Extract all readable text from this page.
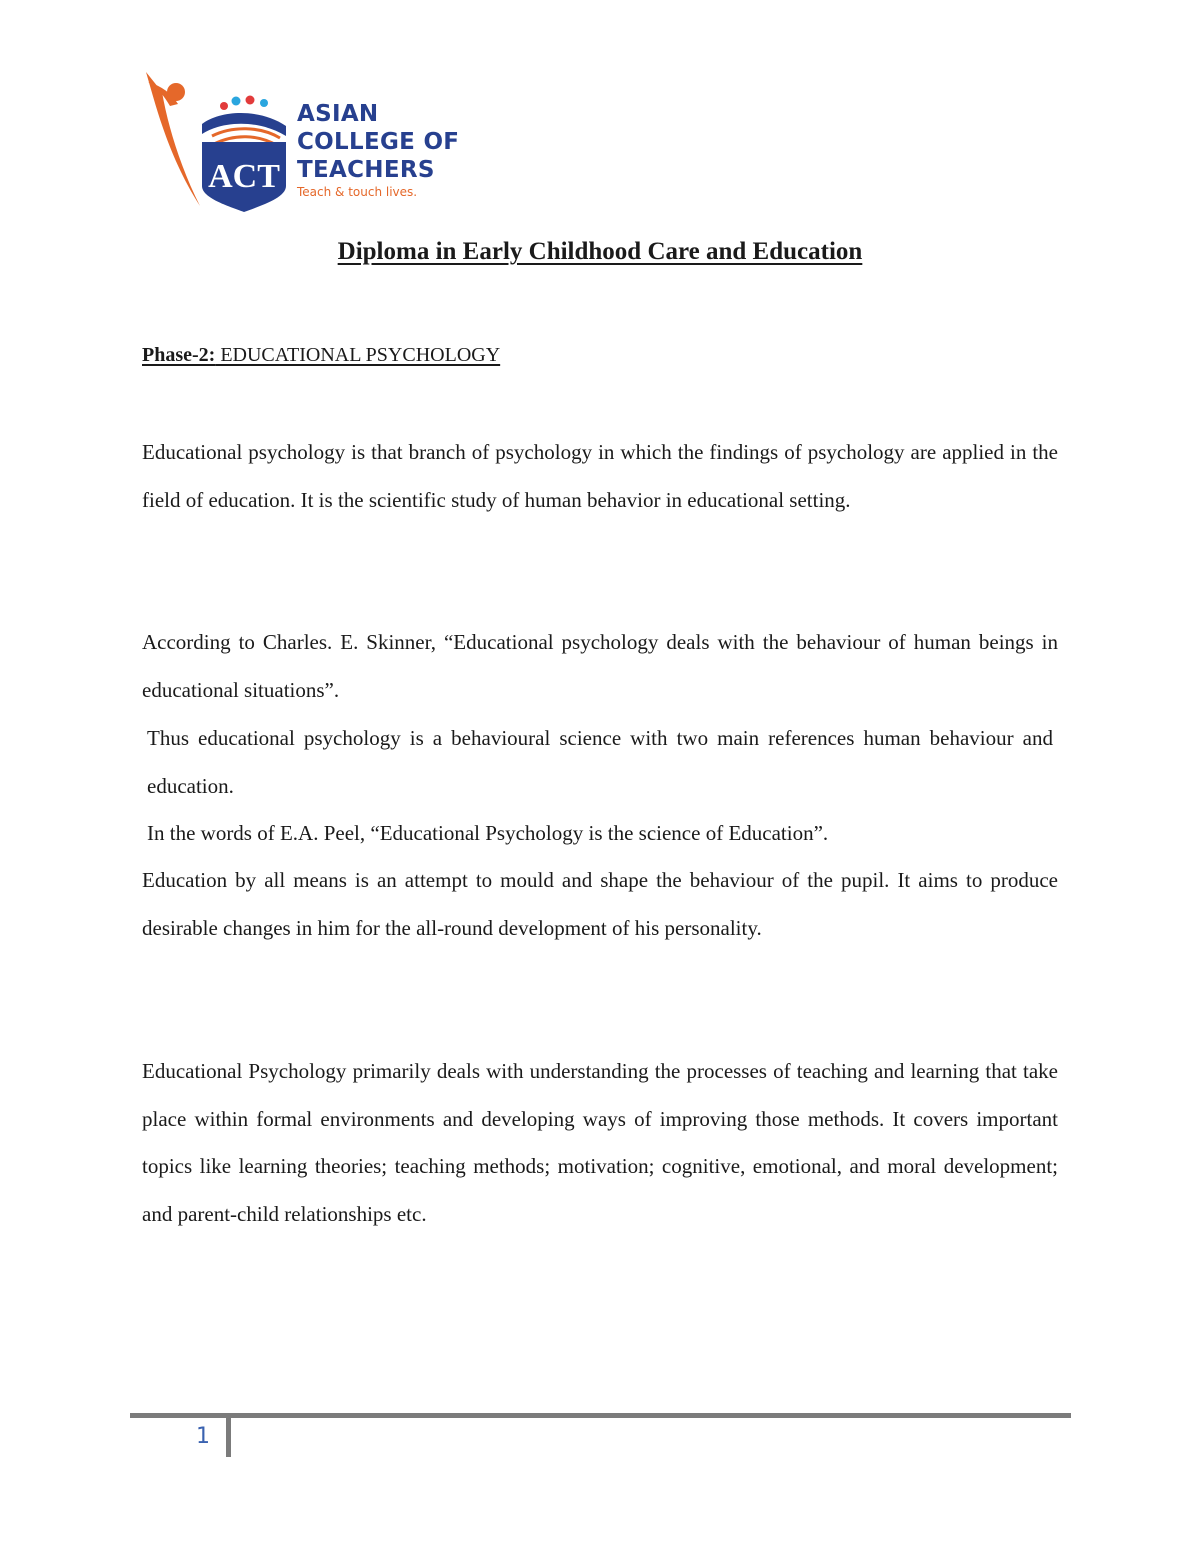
ACT
ASIAN
COLLEGE OF
TEACHERS
Teach & touch lives.
Diploma in Early Childhood Care and Education
Phase-2: EDUCATIONAL PSYCHOLOGY

Educational psychology is that branch of psychology in which the findings of psychology are applied in the field of education. It is the scientific study of human behavior in educational setting.

According to Charles. E. Skinner, “Educational psychology deals with the behaviour of human beings in educational situations”.

Thus educational psychology is a behavioural science with two main references human behaviour and education.

In the words of E.A. Peel, “Educational Psychology is the science of Education”.

Education by all means is an attempt to mould and shape the behaviour of the pupil. It aims to produce desirable changes in him for the all-round development of his personality.

Educational Psychology primarily deals with understanding the processes of teaching and learning that take place within formal environments and developing ways of improving those methods. It covers important topics like learning theories; teaching methods; motivation; cognitive, emotional, and moral development; and parent-child relationships etc.

1
